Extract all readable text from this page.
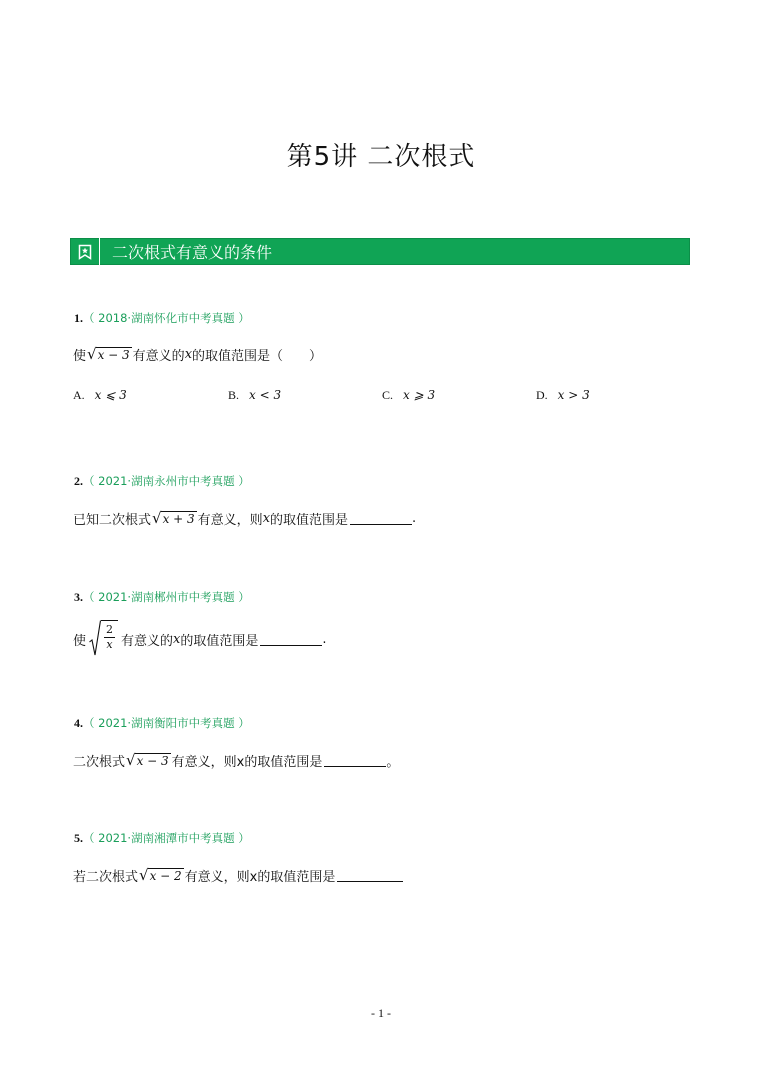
第5讲 二次根式
二次根式有意义的条件
1.（ 2018·湖南怀化市中考真题 ）
使 √ x − 3 有意义的 x 的取值范围是（　　）
A. x ⩽ 3	B. x < 3	C. x ⩾ 3	D. x > 3
2.（ 2021·湖南永州市中考真题 ）
已知二次根式 √ x + 3 有意义，则 x 的取值范围是	.
3.（ 2021·湖南郴州市中考真题 ）
使 $\frac{2}{x}$ 有意义的 x 的取值范围是	.
4.（ 2021·湖南衡阳市中考真题 ）
二次根式 √ x − 3 有意义，则x的取值范围是	。
5.（ 2021·湖南湘潭市中考真题 ）
若二次根式 √ x − 2 有意义，则x的取值范围是
- 1 -
